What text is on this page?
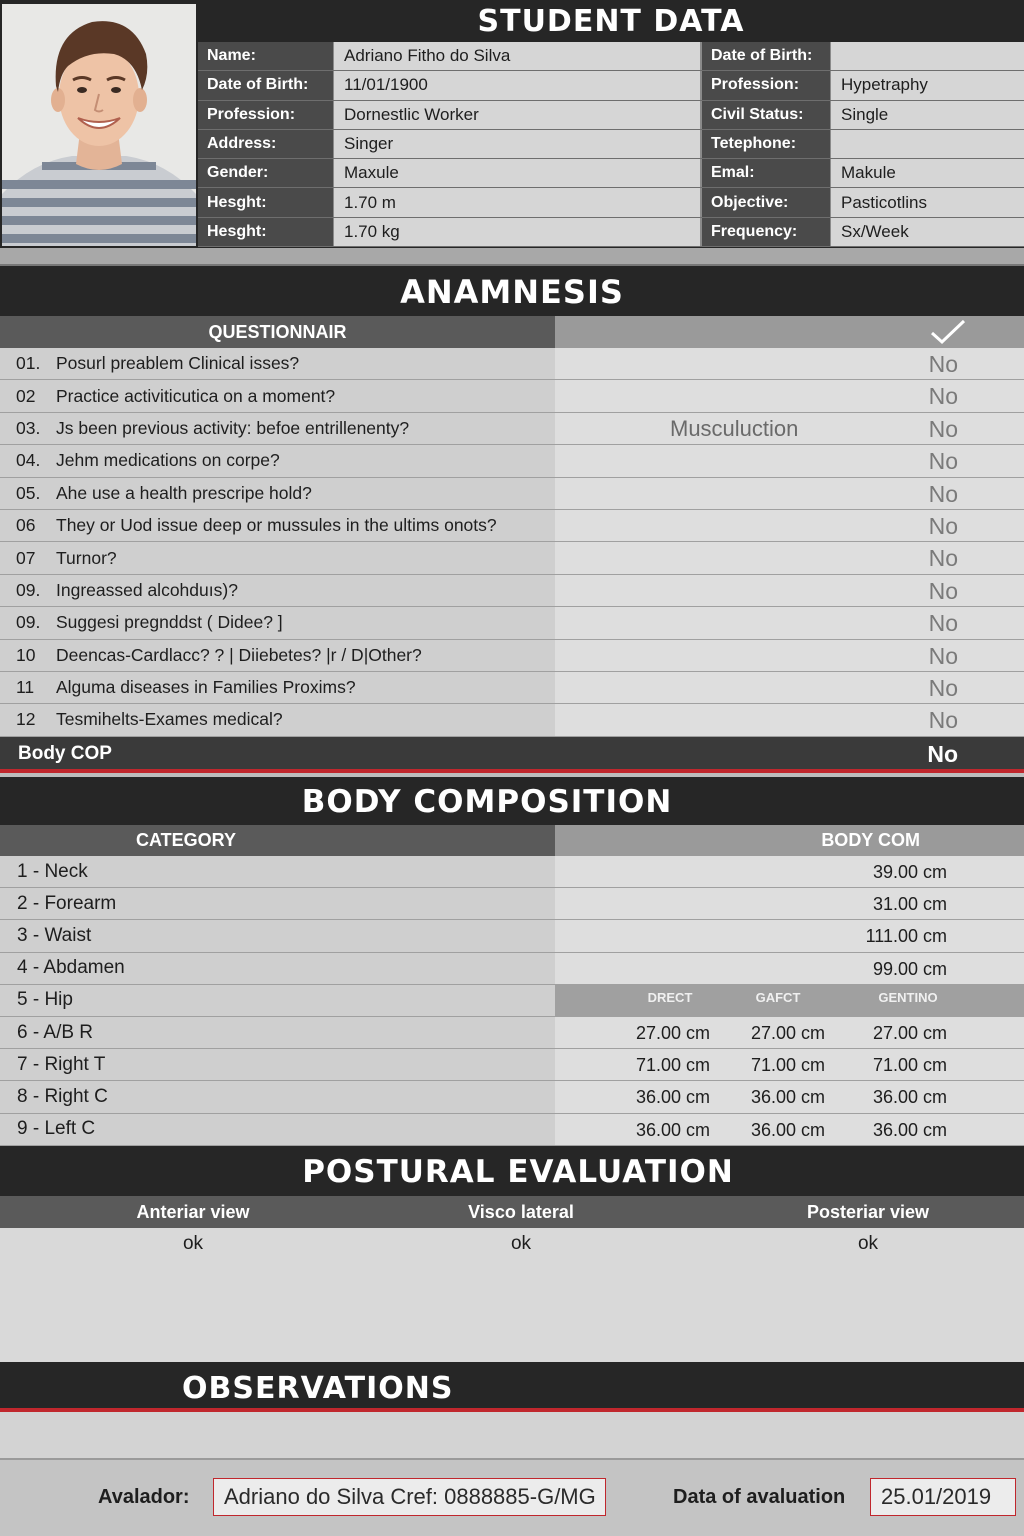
STUDENT DATA
Name:	Adriano Fitho do Silva	Date of Birth:
Date of Birth:	11/01/1900	Profession:	Hypetraphy
Profession:	Dornestlic Worker	Civil Status:	Single
Address:	Singer	Tetephone:
Gender:	Maxule	Emal:	Makule
Hesght:	1.70 m	Objective:	Pasticotlins
Hesght:	1.70 kg	Frequency:	Sx/Week
ANAMNESIS
QUESTIONNAIR
01. Posurl preablem Clinical isses?	No
02	Practice activiticutica on a moment?	No
03. Js been previous activity: befoe entrillenenty?	Musculuction	No
04. Jehm medications on corpe?	No
05. Ahe use a health prescripe hold?	No
06	They or Uod issue deep or mussules in the ultims onots?	No
07	Turnor?	No
09. Ingreassed alcohduıs)?	No
09. Suggesi pregnddst ( Didee? ]	No
10	Deencas-Cardlacc? ? | Diiebetes? |r / D|Other?	No
11	Alguma diseases in Families Proxims?	No
12	Tesmihelts-Exames medical?	No
Body COP	No
BODY COMPOSITION
CATEGORY	BODY COM
1 - Neck	39.00 cm
2 - Forearm	31.00 cm
3 - Waist	111.00 cm
4 - Abdamen	99.00 cm
5 - Hip	DRECT	GAFCT	GENTINO
6 - A/B R	27.00 cm	27.00 cm	27.00 cm
7 - Right T	71.00 cm	71.00 cm	71.00 cm
8 - Right C	36.00 cm	36.00 cm	36.00 cm
9 - Left C	36.00 cm	36.00 cm	36.00 cm
POSTURAL EVALUATION
Anteriar view	Visco lateral	Posteriar view
ok	ok	ok
OBSERVATIONS
Avalador:	Adriano do Silva Cref: 0888885-G/MG	Data of avaluation	25.01/2019
